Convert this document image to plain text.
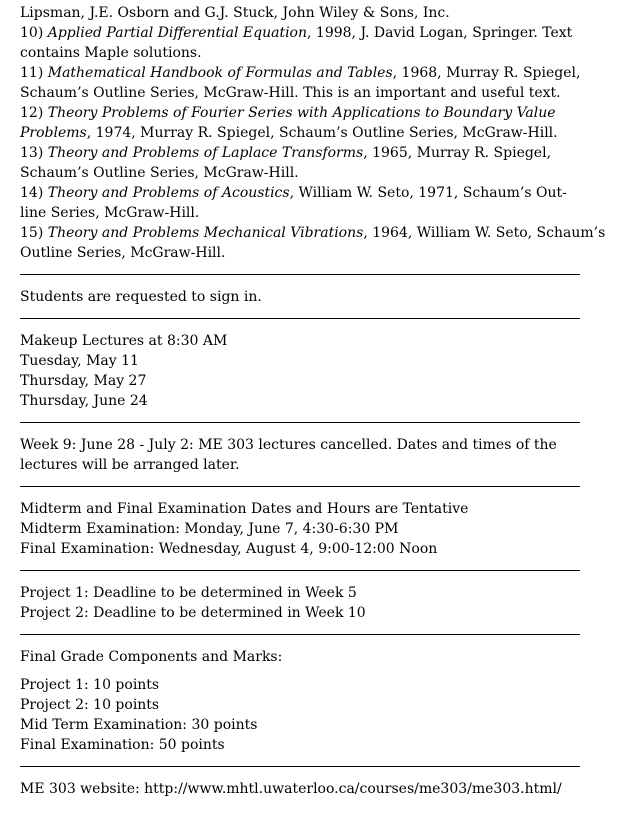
Lipsman, J.E. Osborn and G.J. Stuck, John Wiley & Sons, Inc.
10) Applied Partial Differential Equation, 1998, J. David Logan, Springer. Text
contains Maple solutions.
11) Mathematical Handbook of Formulas and Tables, 1968, Murray R. Spiegel,
Schaum’s Outline Series, McGraw-Hill. This is an important and useful text.
12) Theory Problems of Fourier Series with Applications to Boundary Value
Problems, 1974, Murray R. Spiegel, Schaum’s Outline Series, McGraw-Hill.
13) Theory and Problems of Laplace Transforms, 1965, Murray R. Spiegel,
Schaum’s Outline Series, McGraw-Hill.
14) Theory and Problems of Acoustics, William W. Seto, 1971, Schaum’s Out-
line Series, McGraw-Hill.
15) Theory and Problems Mechanical Vibrations, 1964, William W. Seto, Schaum’s
Outline Series, McGraw-Hill.
Students are requested to sign in.
Makeup Lectures at 8:30 AM
Tuesday, May 11
Thursday, May 27
Thursday, June 24
Week 9: June 28 - July 2: ME 303 lectures cancelled. Dates and times of the
lectures will be arranged later.
Midterm and Final Examination Dates and Hours are Tentative
Midterm Examination: Monday, June 7, 4:30-6:30 PM
Final Examination: Wednesday, August 4, 9:00-12:00 Noon
Project 1: Deadline to be determined in Week 5
Project 2: Deadline to be determined in Week 10
Final Grade Components and Marks:
Project 1: 10 points
Project 2: 10 points
Mid Term Examination: 30 points
Final Examination: 50 points
ME 303 website: http://www.mhtl.uwaterloo.ca/courses/me303/me303.html/
